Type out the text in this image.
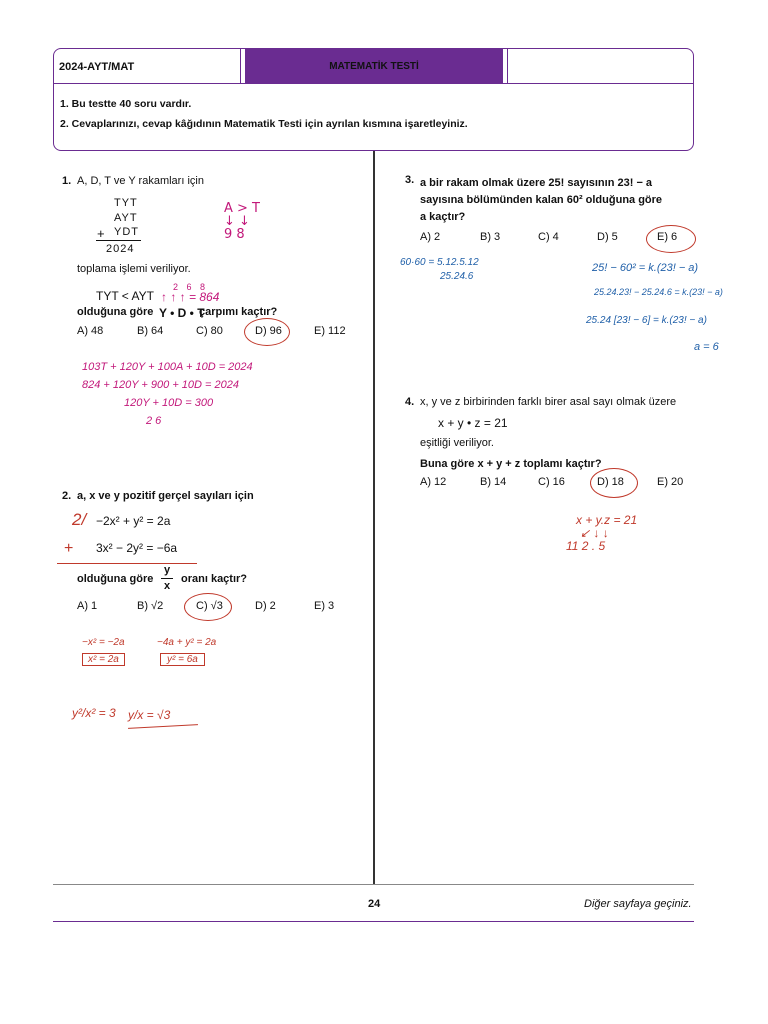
2024-AYT/MAT	MATEMATİK TESTİ
1. Bu testte 40 soru vardır.
2. Cevaplarınızı, cevap kâğıdının Matematik Testi için ayrılan kısmına işaretleyiniz.
1. A, D, T ve Y rakamları için
TYT
AYT
+ YDT
2024
toplama işlemi veriliyor.
TYT < AYT
olduğuna göre Y • D • T
çarpımı kaçtır?
A) 48	B) 64	C) 80	D) 96	E) 112
A > T
↓ ↓
9 8
2 6 8
↑ ↑ ↑ = 864
103T + 120Y + 100A + 10D = 2024
824 + 120Y + 900 + 10D = 2024
120Y + 10D = 300
2 6
2. a, x ve y pozitif gerçel sayıları için
−2x² + y² = 2a
3x² − 2y² = −6a
olduğuna göre
y
x
oranı kaçtır?
A) 1	B) √2	C) √3	D) 2	E) 3
2/
+
−x² = −2a
x² = 2a
−4a + y² = 2a
y² = 6a
y²/x² = 3 y/x = √3
3. a bir rakam olmak üzere 25! sayısının 23! − a
sayısına bölümünden kalan 60² olduğuna göre
a kaçtır?
A) 2	B) 3	C) 4	D) 5	E) 6
60·60 = 5.12.5.12
25.24.6
25! − 60² = k.(23! − a)
25.24.23! − 25.24.6 = k.(23! − a)
25.24 [23! − 6] = k.(23! − a)
a = 6
4. x, y ve z birbirinden farklı birer asal sayı olmak üzere
x + y • z = 21
eşitliği veriliyor.
Buna göre x + y + z toplamı kaçtır?
A) 12	B) 14	C) 16	D) 18	E) 20
x + y.z = 21
↙ ↓ ↓
11 2 . 5
24	Diğer sayfaya geçiniz.
